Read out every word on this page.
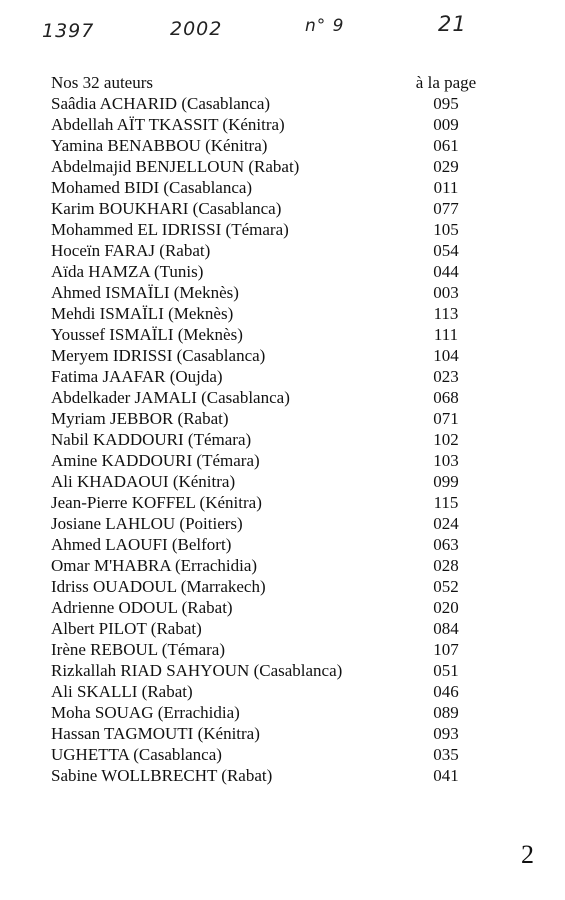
1397	2002	n° 9	21
Nos 32 auteurs	à la page
Saâdia ACHARID (Casablanca)	095
Abdellah AÏT TKASSIT (Kénitra)	009
Yamina BENABBOU (Kénitra)	061
Abdelmajid BENJELLOUN (Rabat)	029
Mohamed BIDI (Casablanca)	011
Karim BOUKHARI (Casablanca)	077
Mohammed EL IDRISSI (Témara)	105
Hoceïn FARAJ (Rabat)	054
Aïda HAMZA (Tunis)	044
Ahmed ISMAÏLI (Meknès)	003
Mehdi ISMAÏLI (Meknès)	113
Youssef ISMAÏLI (Meknès)	111
Meryem IDRISSI (Casablanca)	104
Fatima JAAFAR (Oujda)	023
Abdelkader JAMALI (Casablanca)	068
Myriam JEBBOR (Rabat)	071
Nabil KADDOURI (Témara)	102
Amine KADDOURI (Témara)	103
Ali KHADAOUI (Kénitra)	099
Jean-Pierre KOFFEL (Kénitra)	115
Josiane LAHLOU (Poitiers)	024
Ahmed LAOUFI (Belfort)	063
Omar M'HABRA (Errachidia)	028
Idriss OUADOUL (Marrakech)	052
Adrienne ODOUL (Rabat)	020
Albert PILOT (Rabat)	084
Irène REBOUL (Témara)	107
Rizkallah RIAD SAHYOUN (Casablanca)	051
Ali SKALLI (Rabat)	046
Moha SOUAG (Errachidia)	089
Hassan TAGMOUTI (Kénitra)	093
UGHETTA (Casablanca)	035
Sabine WOLLBRECHT (Rabat)	041
2
